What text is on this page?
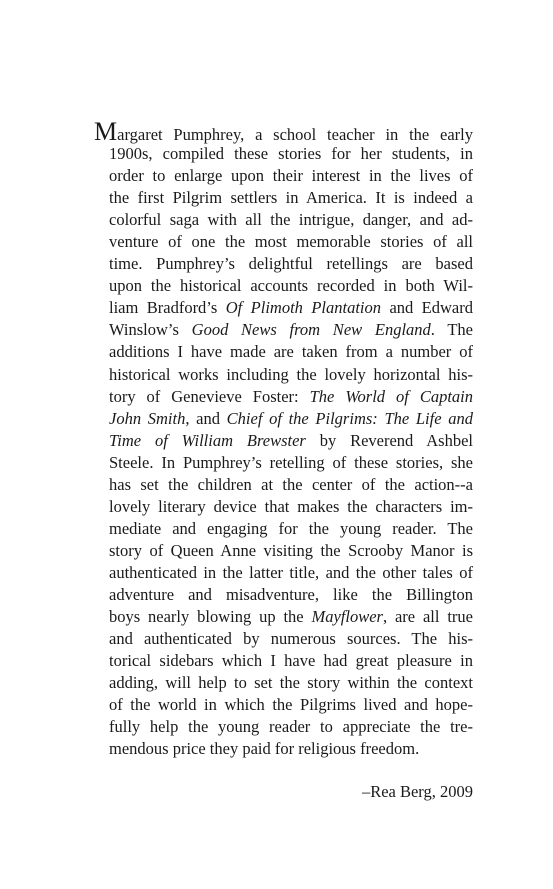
Margaret Pumphrey, a school teacher in the early
1900s, compiled these stories for her students, in
order to enlarge upon their interest in the lives of
the first Pilgrim settlers in America. It is indeed a
colorful saga with all the intrigue, danger, and ad-
venture of one the most memorable stories of all
time. Pumphrey’s delightful retellings are based
upon the historical accounts recorded in both Wil-
liam Bradford’s Of Plimoth Plantation and Edward
Winslow’s Good News from New England. The
additions I have made are taken from a number of
historical works including the lovely horizontal his-
tory of Genevieve Foster: The World of Captain
John Smith, and Chief of the Pilgrims: The Life and
Time of William Brewster by Reverend Ashbel
Steele. In Pumphrey’s retelling of these stories, she
has set the children at the center of the action--a
lovely literary device that makes the characters im-
mediate and engaging for the young reader. The
story of Queen Anne visiting the Scrooby Manor is
authenticated in the latter title, and the other tales of
adventure and misadventure, like the Billington
boys nearly blowing up the Mayflower, are all true
and authenticated by numerous sources. The his-
torical sidebars which I have had great pleasure in
adding, will help to set the story within the context
of the world in which the Pilgrims lived and hope-
fully help the young reader to appreciate the tre-
mendous price they paid for religious freedom.
–Rea Berg, 2009
